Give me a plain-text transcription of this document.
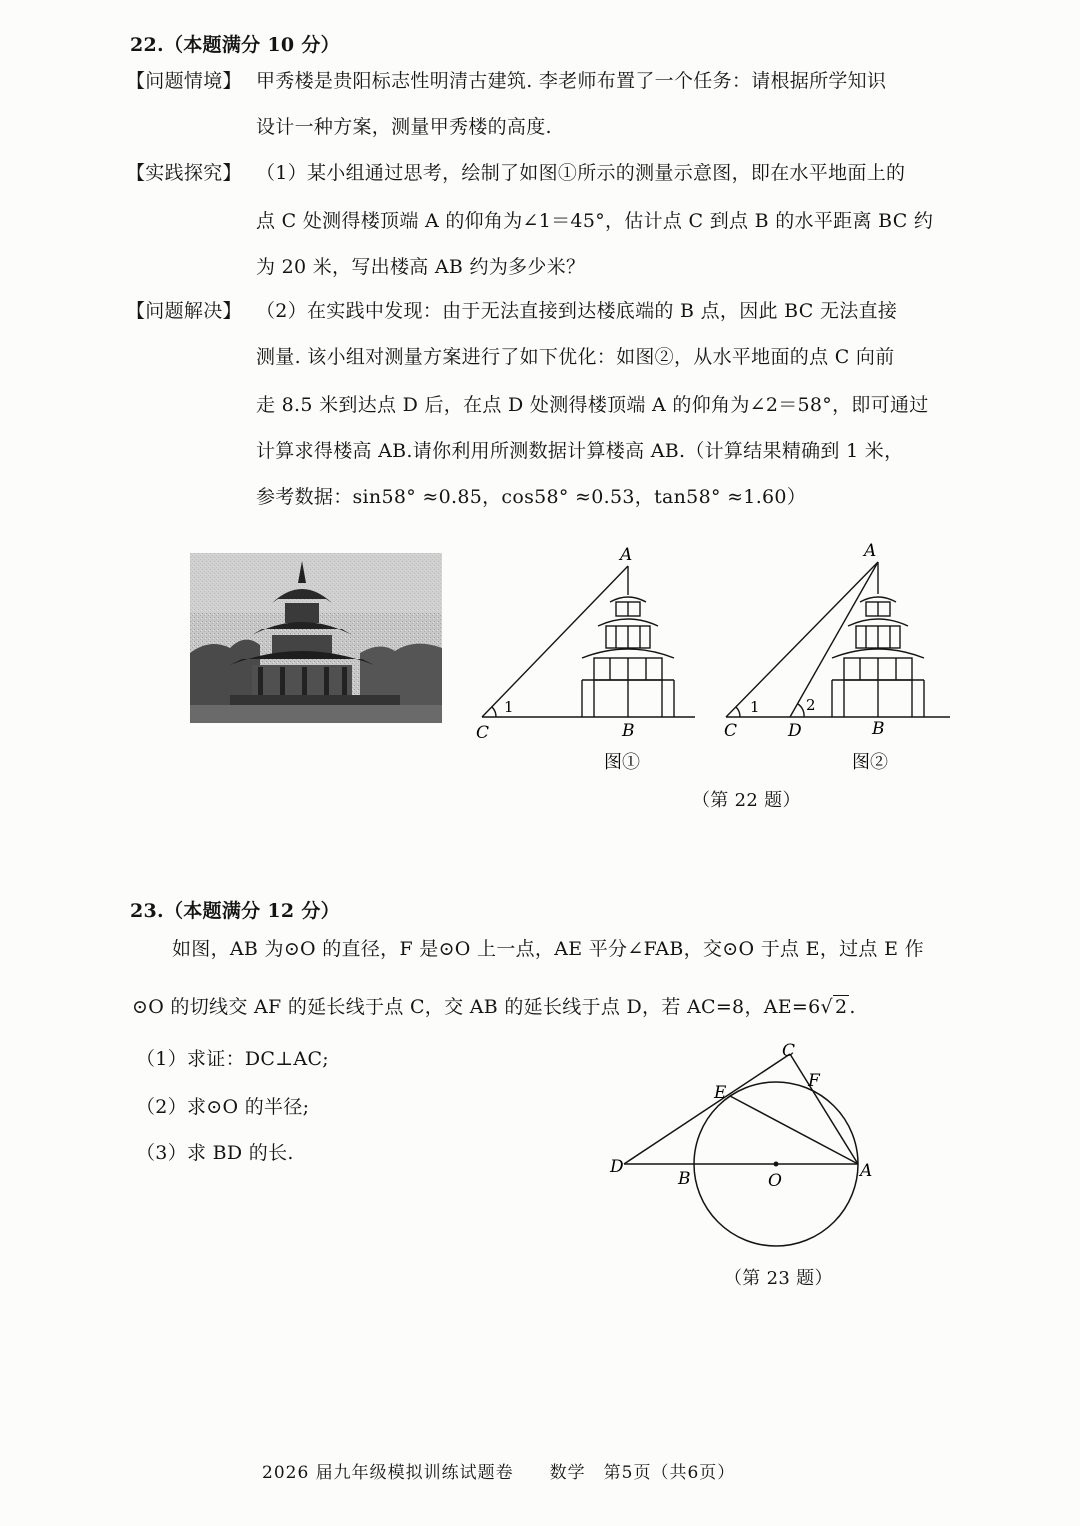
22.（本题满分 10 分）
【问题情境】 甲秀楼是贵阳标志性明清古建筑. 李老师布置了一个任务：请根据所学知识
设计一种方案，测量甲秀楼的高度.
【实践探究】 （1）某小组通过思考，绘制了如图①所示的测量示意图，即在水平地面上的
点 C 处测得楼顶端 A 的仰角为∠1＝45°，估计点 C 到点 B 的水平距离 BC 约
为 20 米，写出楼高 AB 约为多少米？
【问题解决】 （2）在实践中发现：由于无法直接到达楼底端的 B 点，因此 BC 无法直接
测量. 该小组对测量方案进行了如下优化：如图②，从水平地面的点 C 向前
走 8.5 米到达点 D 后，在点 D 处测得楼顶端 A 的仰角为∠2＝58°，即可通过
计算求得楼高 AB.请你利用所测数据计算楼高 AB.（计算结果精确到 1 米，
参考数据：sin58° ≈0.85，cos58° ≈0.53，tan58° ≈1.60）
A
B
C
1
图①
A
B
C	D
1	2
图②
（第 22 题）
23.（本题满分 12 分）
如图，AB 为⊙O 的直径，F 是⊙O 上一点，AE 平分∠FAB，交⊙O 于点 E，过点 E 作
⊙O 的切线交 AF 的延长线于点 C，交 AB 的延长线于点 D，若 AC=8，AE=6√ 2 .
（1）求证：DC⊥AC;
（2）求⊙O 的半径;
（3）求 BD 的长.
C
F
E
D
B	O	A
（第 23 题）
2026 届九年级模拟训练试题卷　　数学　第5页（共6页）
